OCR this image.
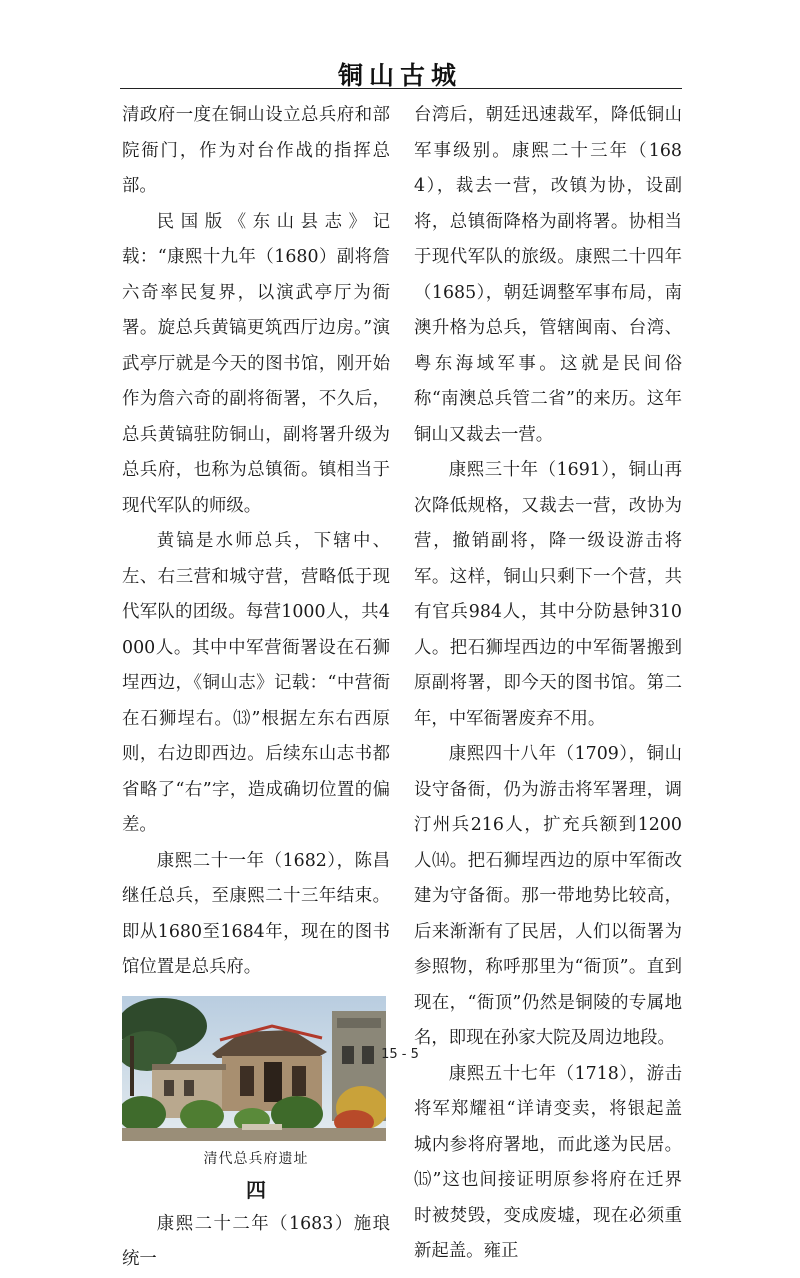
铜山古城

清政府一度在铜山设立总兵府和部院衙门，作为对台作战的指挥总部。

民国版《东山县志》记载：“康熙十九年（1680）副将詹六奇率民复界，以演武亭厅为衙署。旋总兵黄镐更筑西厅边房。”演武亭厅就是今天的图书馆，刚开始作为詹六奇的副将衙署，不久后，总兵黄镐驻防铜山，副将署升级为总兵府，也称为总镇衙。镇相当于现代军队的师级。

黄镐是水师总兵，下辖中、左、右三营和城守营，营略低于现代军队的团级。每营1000人，共4000人。其中中军营衙署设在石狮埕西边，《铜山志》记载：“中营衙在石狮埕右。⒀”根据左东右西原则，右边即西边。后续东山志书都省略了“右”字，造成确切位置的偏差。

康熙二十一年（1682），陈昌继任总兵，至康熙二十三年结束。即从1680至1684年，现在的图书馆位置是总兵府。

清代总兵府遗址
四

康熙二十二年（1683）施琅统一

台湾后，朝廷迅速裁军，降低铜山军事级别。康熙二十三年（1684），裁去一营，改镇为协，设副将，总镇衙降格为副将署。协相当于现代军队的旅级。康熙二十四年（1685），朝廷调整军事布局，南澳升格为总兵，管辖闽南、台湾、粤东海域军事。这就是民间俗称“南澳总兵管二省”的来历。这年铜山又裁去一营。

康熙三十年（1691），铜山再次降低规格，又裁去一营，改协为营，撤销副将，降一级设游击将军。这样，铜山只剩下一个营，共有官兵984人，其中分防悬钟310人。把石狮埕西边的中军衙署搬到原副将署，即今天的图书馆。第二年，中军衙署废弃不用。

康熙四十八年（1709），铜山设守备衙，仍为游击将军署理，调汀州兵216人，扩充兵额到1200人⒁。把石狮埕西边的原中军衙改建为守备衙。那一带地势比较高，后来渐渐有了民居，人们以衙署为参照物，称呼那里为“衙顶”。直到现在，“衙顶”仍然是铜陵的专属地名，即现在孙家大院及周边地段。

康熙五十七年（1718），游击将军郑耀祖“详请变卖，将银起盖城内参将府署地，而此遂为民居。⒂”这也间接证明原参将府在迁界时被焚毁，变成废墟，现在必须重新起盖。雍正

15 - 5
